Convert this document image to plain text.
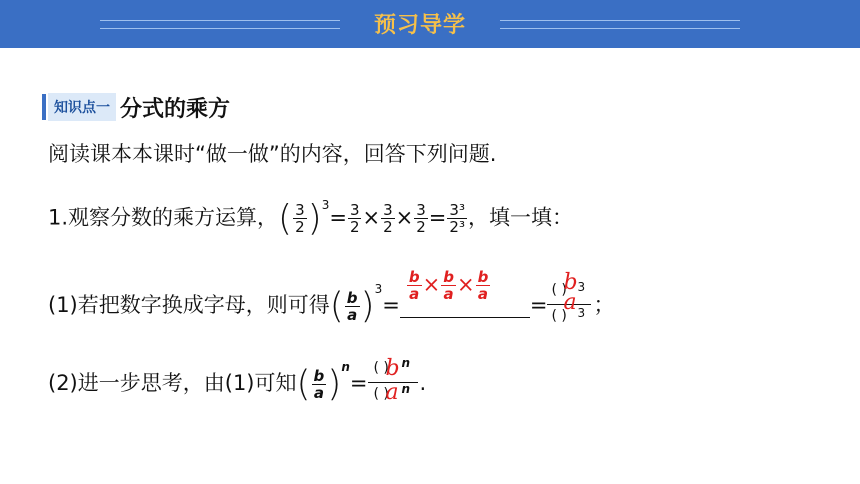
预习导学
知识点一 分式的乘方
阅读课本本课时“做一做”的内容，回答下列问题.
1.观察分数的乘方运算，( $\frac{3}{2} )^3= \frac{3}{2} \times \frac{3}{2} \times \frac{3}{2} = \frac{\text{3³}}{\text{2³}}$ ，填一填：
(1)若把数字换成字母，则可得( $\frac{b}{a} )^3=$
$\frac{b}{a} \times \frac{b}{a} \times \frac{b}{a}$
=
( ) 3
( ) 3
b
a ；
(2)进一步思考，由(1)可知( $\frac{b}{a} )^n=$
( ) n
( ) n
b
a .
